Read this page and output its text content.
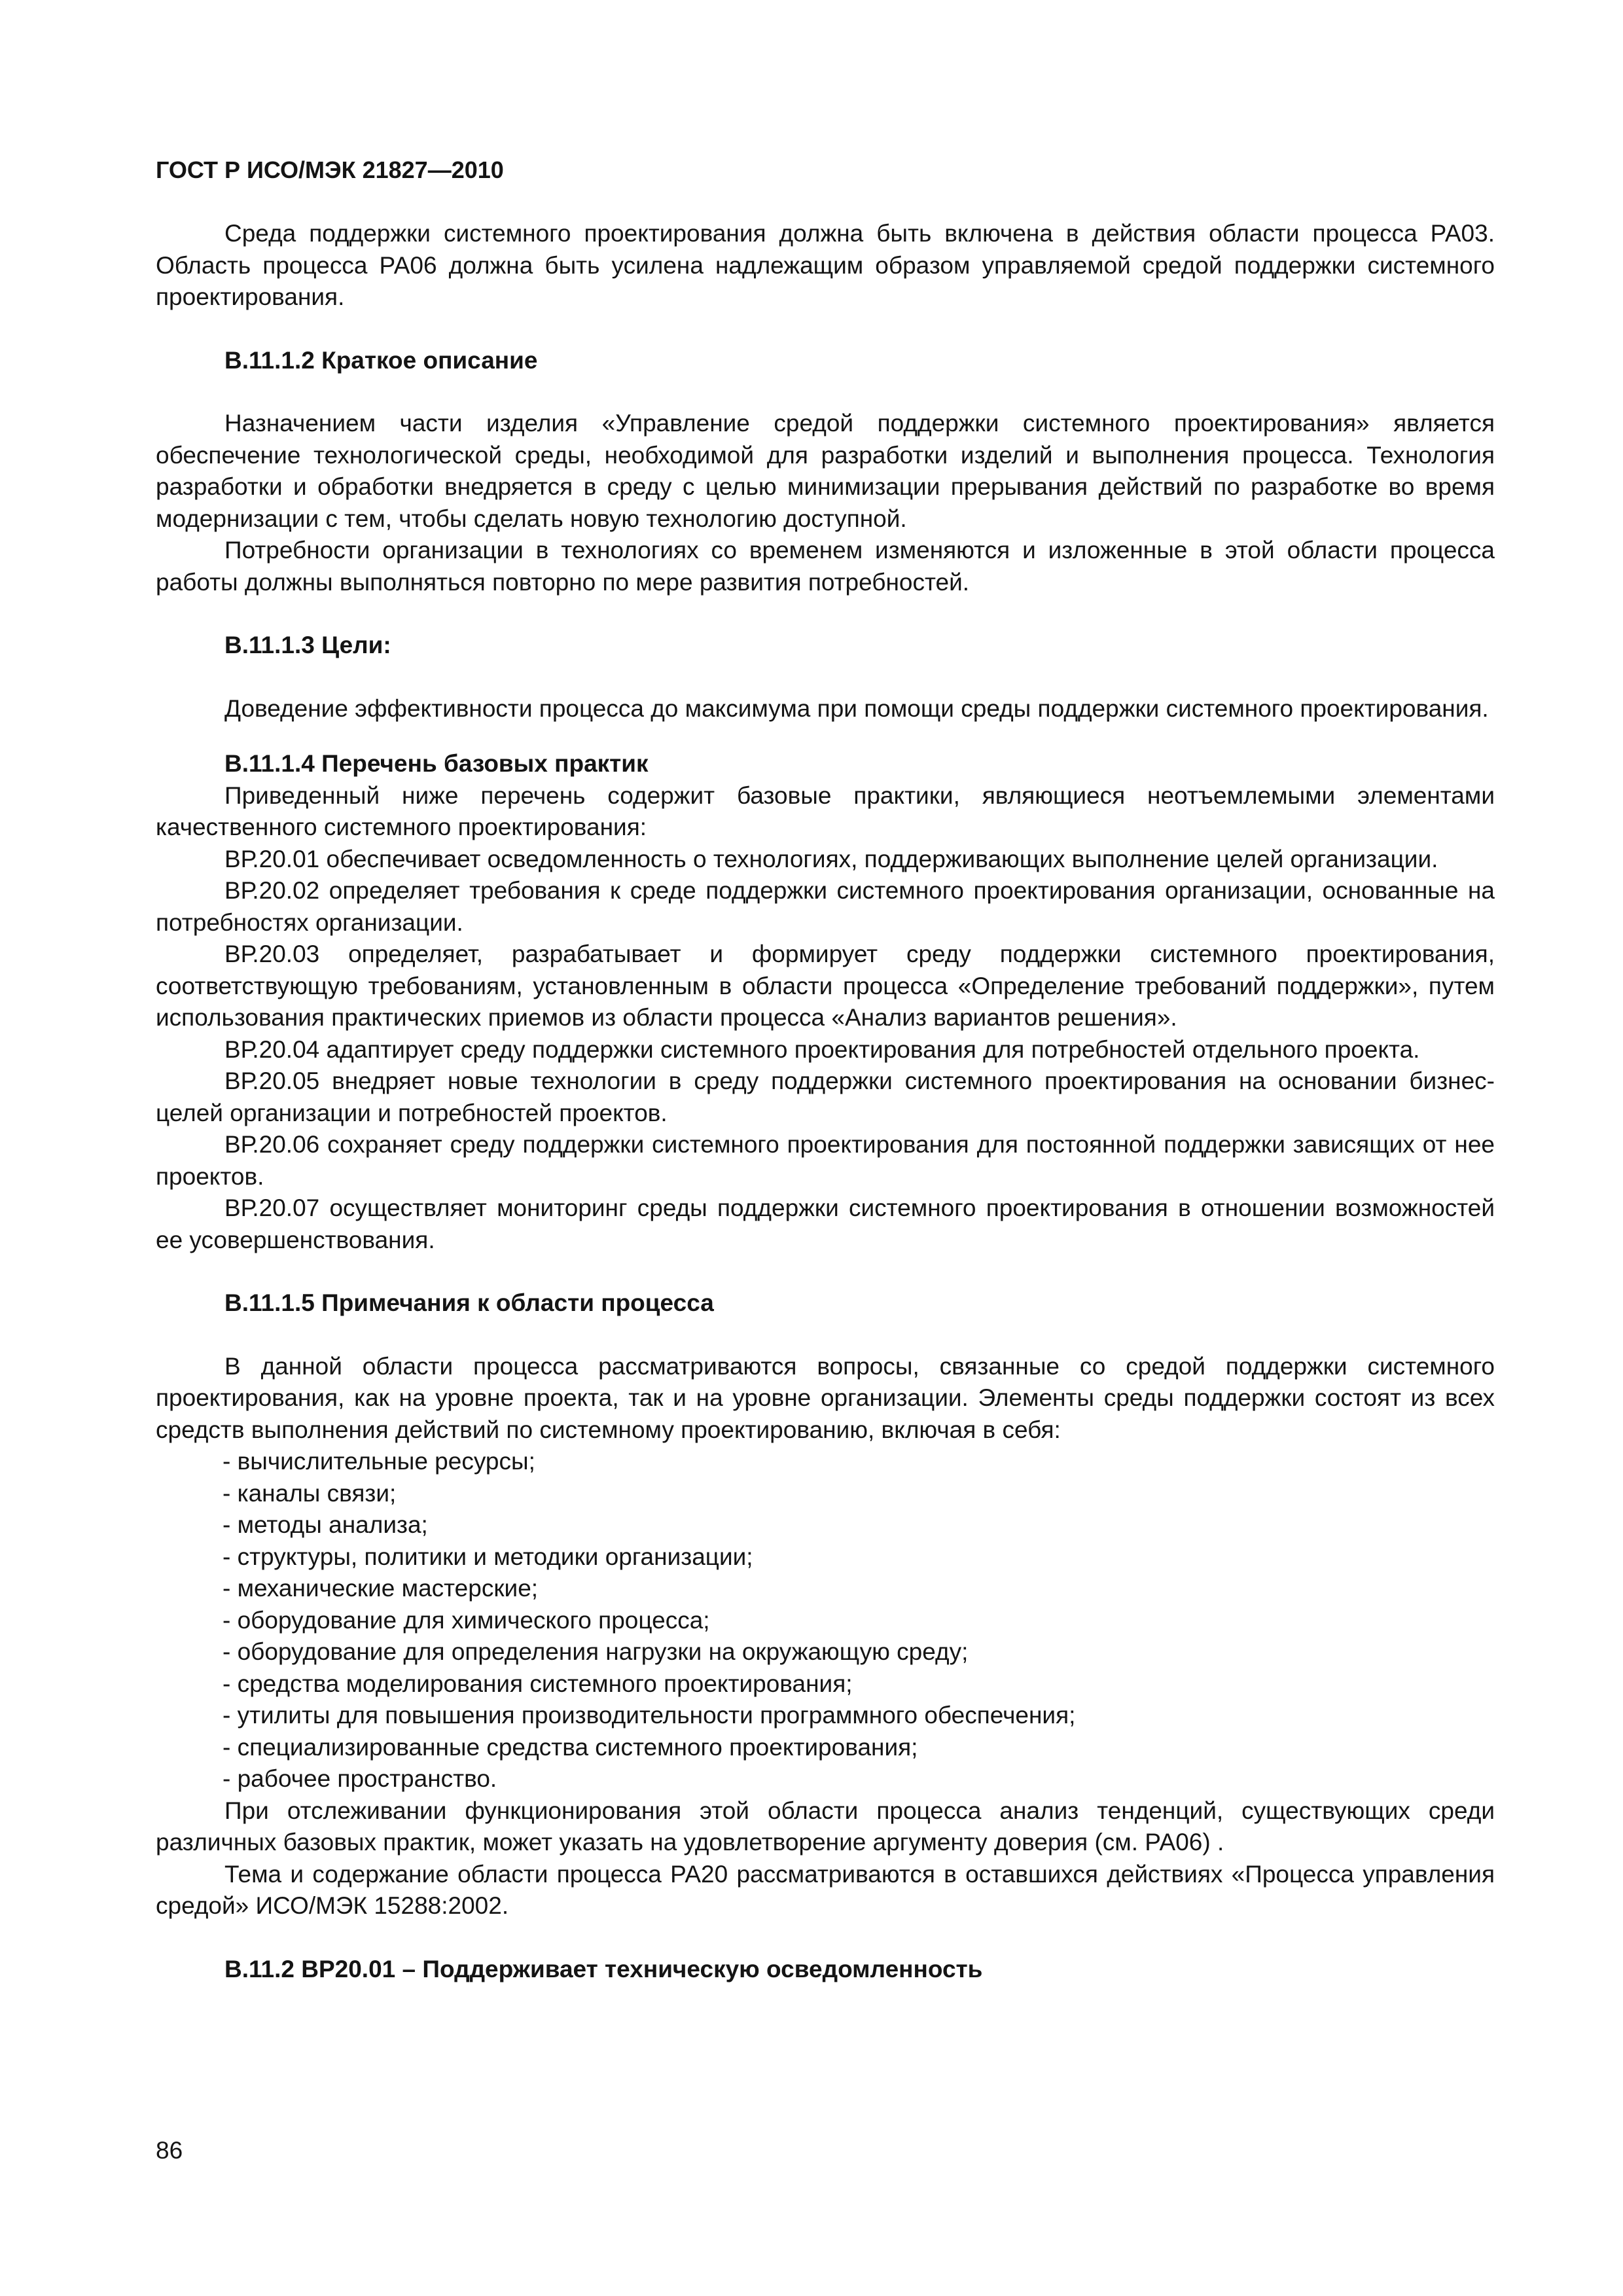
ГОСТ Р ИСО/МЭК 21827—2010

Среда поддержки системного проектирования должна быть включена в действия области процесса РА03. Область процесса РА06 должна быть усилена надлежащим образом управляемой средой поддержки системного проектирования.

В.11.1.2 Краткое описание

Назначением части изделия «Управление средой поддержки системного проектирования» является обеспечение технологической среды, необходимой для разработки изделий и выполнения процесса. Технология разработки и обработки внедряется в среду с целью минимизации прерывания действий по разработке во время модернизации с тем, чтобы сделать новую технологию доступной.

Потребности организации в технологиях со временем изменяются и изложенные в этой области процесса работы должны выполняться повторно по мере развития потребностей.

В.11.1.3 Цели:

Доведение эффективности процесса до максимума при помощи среды поддержки системного проектирования.

В.11.1.4 Перечень базовых практик

Приведенный ниже перечень содержит базовые практики, являющиеся неотъемлемыми элементами качественного системного проектирования:

ВР.20.01 обеспечивает осведомленность о технологиях, поддерживающих выполнение целей организации.

ВР.20.02 определяет требования к среде поддержки системного проектирования организации, основанные на потребностях организации.

ВР.20.03 определяет, разрабатывает и формирует среду поддержки системного проектирования, соответствующую требованиям, установленным в области процесса «Определение требований поддержки», путем использования практических приемов из области процесса «Анализ вариантов решения».

ВР.20.04 адаптирует среду поддержки системного проектирования для потребностей отдельного проекта.

ВР.20.05 внедряет новые технологии в среду поддержки системного проектирования на основании бизнес-целей организации и потребностей проектов.

ВР.20.06 сохраняет среду поддержки системного проектирования для постоянной поддержки зависящих от нее проектов.

ВР.20.07 осуществляет мониторинг среды поддержки системного проектирования в отношении возможностей ее усовершенствования.

В.11.1.5 Примечания к области процесса

В данной области процесса рассматриваются вопросы, связанные со средой поддержки системного проектирования, как на уровне проекта, так и на уровне организации. Элементы среды поддержки состоят из всех средств выполнения действий по системному проектированию, включая в себя:

- вычислительные ресурсы;
- каналы связи;
- методы анализа;
- структуры, политики и методики организации;
- механические мастерские;
- оборудование для химического процесса;
- оборудование для определения нагрузки на окружающую среду;
- средства моделирования системного проектирования;
- утилиты для повышения производительности программного обеспечения;
- специализированные средства системного проектирования;
- рабочее пространство.

При отслеживании функционирования этой области процесса анализ тенденций, существующих среди различных базовых практик, может указать на удовлетворение аргументу доверия (см. РА06) .

Тема и содержание области процесса РА20 рассматриваются в оставшихся действиях «Процесса управления средой» ИСО/МЭК 15288:2002.

В.11.2 ВР20.01 – Поддерживает техническую осведомленность
86
